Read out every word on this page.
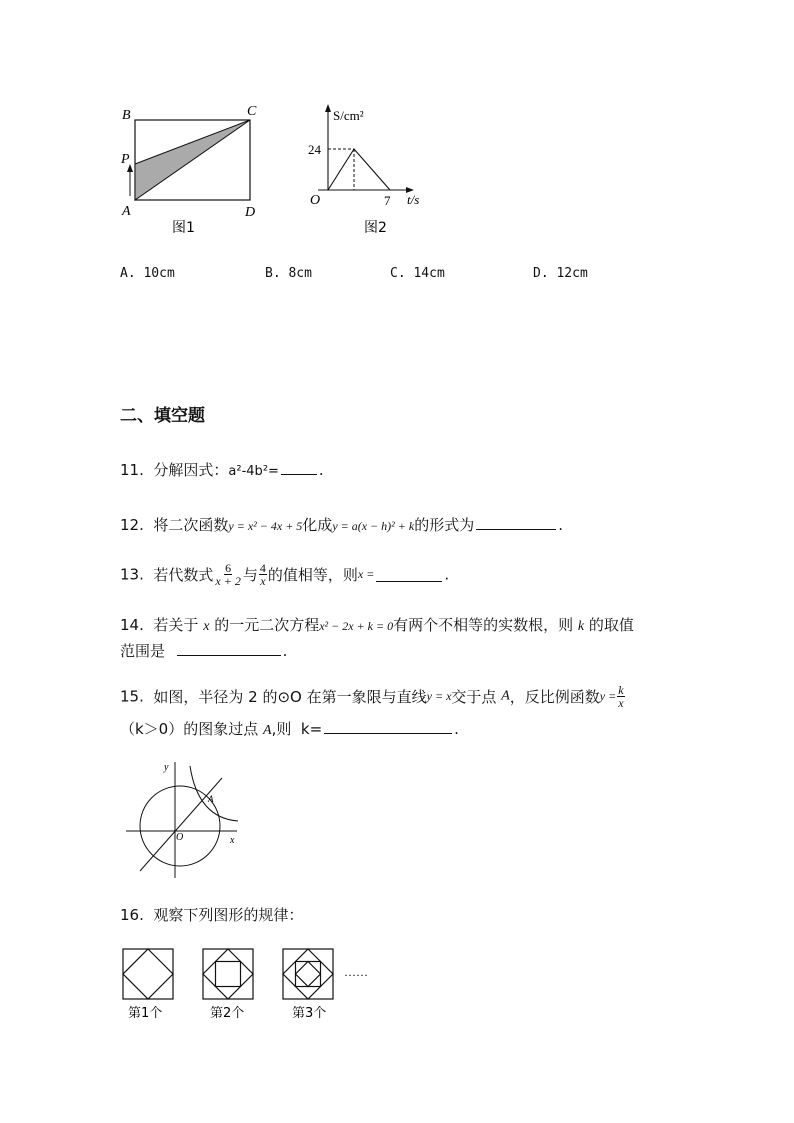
B	C
P
A	D
图1
S/cm²
24
O	7 t/s
图2
A. 10cm	B. 8cm	C. 14cm	D. 12cm
二、填空题
11. 分解因式：a²-4b²=	.
12. 将二次函数y = x² − 4x + 5化成y = a(x − h)² + k的形式为	.
13. 若代数式 $\frac{6}{x + 2}$ 与 $\frac{4}{x}$ 的值相等，则x =	.
14. 若关于 x 的一元二次方程x² − 2x + k = 0有两个不相等的实数根，则 k 的取值
范围是	.
15. 如图，半径为 2 的⊙O 在第一象限与直线y = x交于点 A，反比例函数$y = \frac{k}{x}$
（k＞0）的图象过点 A,则 k=	.
y
x
O
A
16. 观察下列图形的规律：
……
第1个	第2个	第3个
